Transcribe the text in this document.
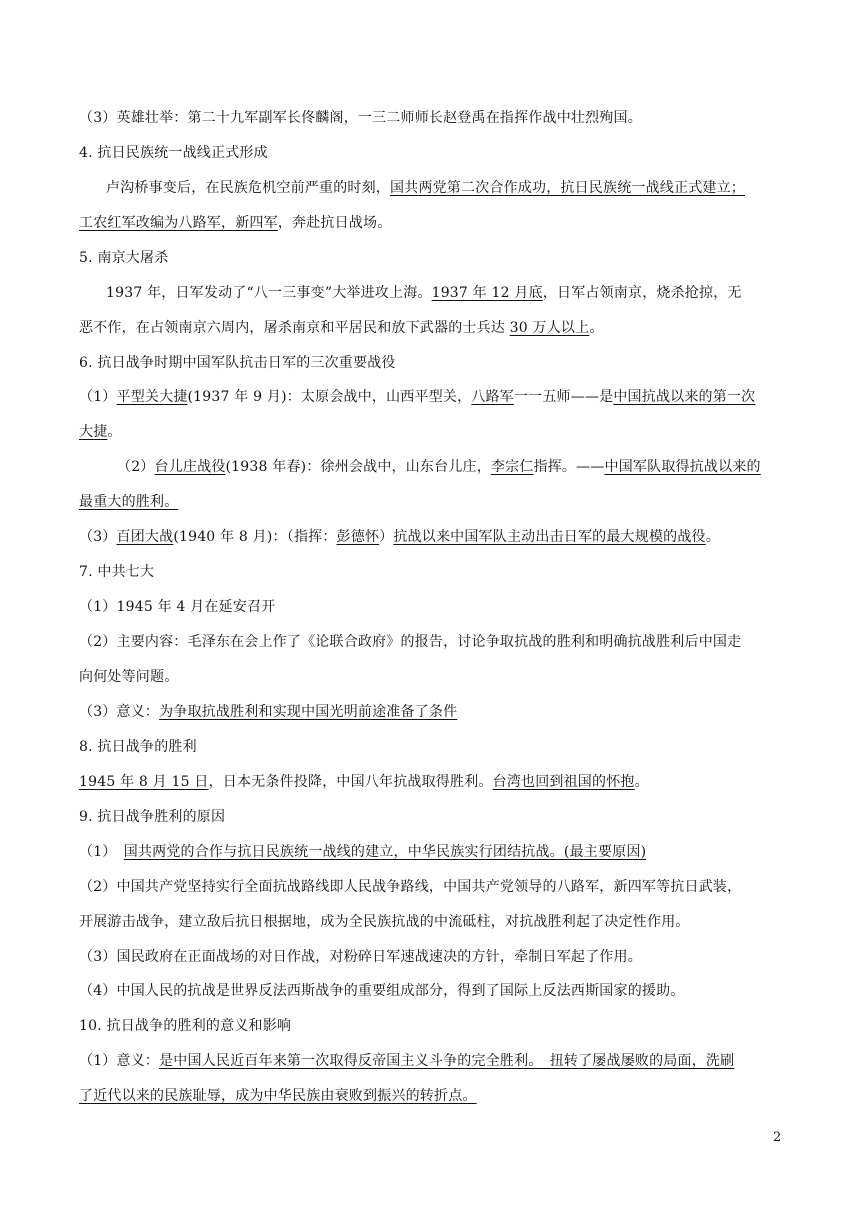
（3）英雄壮举：第二十九军副军长佟麟阁，一三二师师长赵登禹在指挥作战中壮烈殉国。
4. 抗日民族统一战线正式形成
卢沟桥事变后，在民族危机空前严重的时刻，国共两党第二次合作成功，抗日民族统一战线正式建立；
工农红军改编为八路军，新四军，奔赴抗日战场。
5. 南京大屠杀
1937 年，日军发动了“八一三事变”大举进攻上海。1937 年 12 月底，日军占领南京，烧杀抢掠，无
恶不作，在占领南京六周内，屠杀南京和平居民和放下武器的士兵达 30 万人以上。
6. 抗日战争时期中国军队抗击日军的三次重要战役
（1）平型关大捷(1937 年 9 月)：太原会战中，山西平型关，八路军一一五师——是中国抗战以来的第一次
大捷。
（2）台儿庄战役(1938 年春)：徐州会战中，山东台儿庄，李宗仁指挥。——中国军队取得抗战以来的
最重大的胜利。
（3）百团大战(1940 年 8 月)：（指挥：彭德怀）抗战以来中国军队主动出击日军的最大规模的战役。
7. 中共七大
（1）1945 年 4 月在延安召开
（2）主要内容：毛泽东在会上作了《论联合政府》的报告，讨论争取抗战的胜利和明确抗战胜利后中国走
向何处等问题。
（3）意义：为争取抗战胜利和实现中国光明前途准备了条件
8. 抗日战争的胜利
1945 年 8 月 15 日，日本无条件投降，中国八年抗战取得胜利。台湾也回到祖国的怀抱。
9. 抗日战争胜利的原因
（1）　国共两党的合作与抗日民族统一战线的建立，中华民族实行团结抗战。(最主要原因)
（2）中国共产党坚持实行全面抗战路线即人民战争路线，中国共产党领导的八路军，新四军等抗日武装，
开展游击战争，建立敌后抗日根据地，成为全民族抗战的中流砥柱，对抗战胜利起了决定性作用。
（3）国民政府在正面战场的对日作战，对粉碎日军速战速决的方针，牵制日军起了作用。
（4）中国人民的抗战是世界反法西斯战争的重要组成部分，得到了国际上反法西斯国家的援助。
10. 抗日战争的胜利的意义和影响
（1）意义：是中国人民近百年来第一次取得反帝国主义斗争的完全胜利。　扭转了屡战屡败的局面，洗刷
了近代以来的民族耻辱，成为中华民族由衰败到振兴的转折点。
2
